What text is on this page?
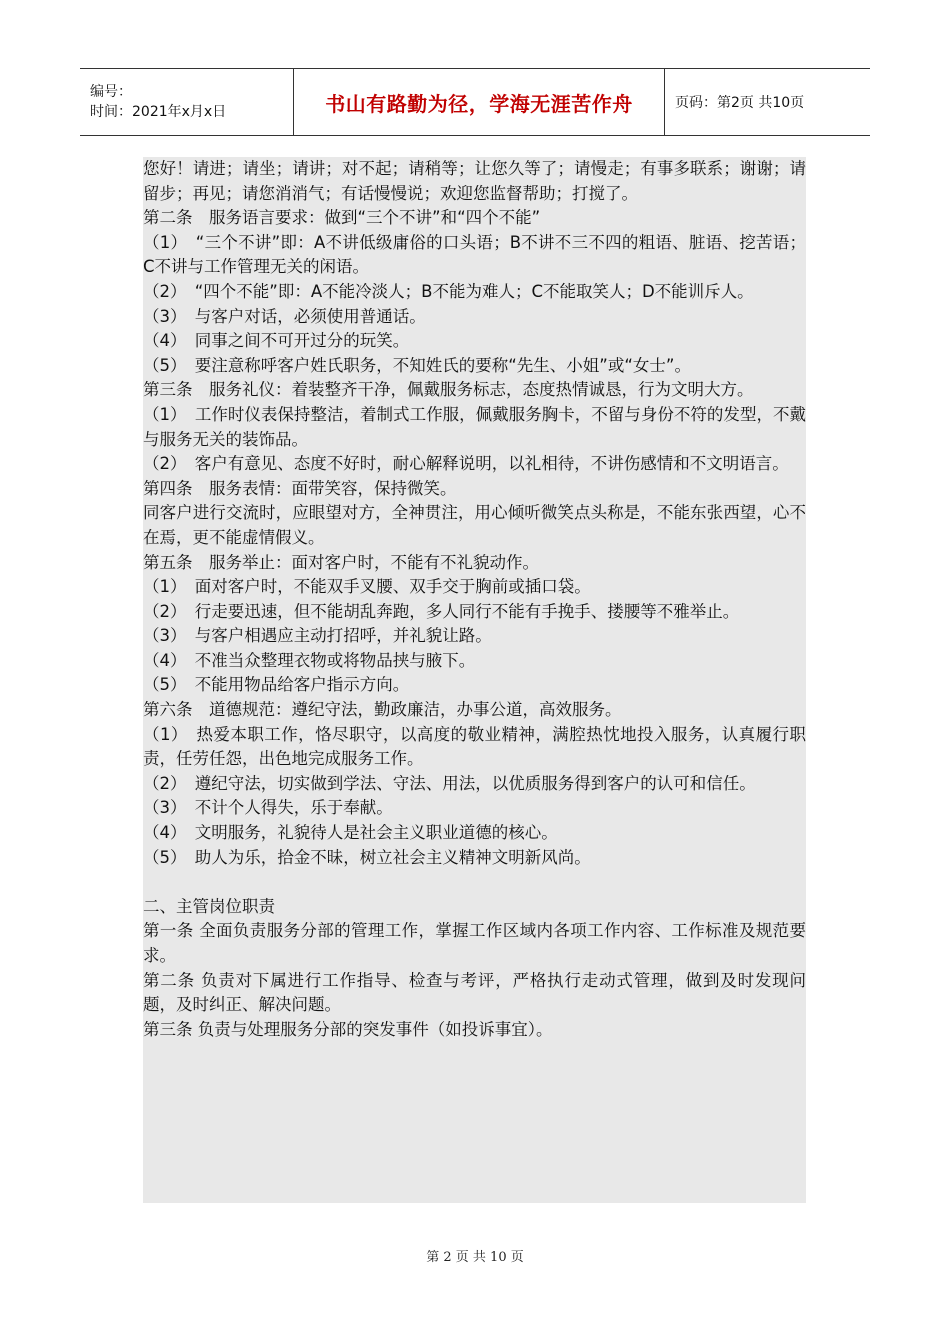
编号：
时间：2021年x月x日	书山有路勤为径，学海无涯苦作舟	页码：第2页 共10页

您好！请进；请坐；请讲；对不起；请稍等；让您久等了；请慢走；有事多联系；谢谢；请留步；再见；请您消消气；有话慢慢说；欢迎您监督帮助；打搅了。

第二条　服务语言要求：做到“三个不讲”和“四个不能”

（1）　“三个不讲”即：A不讲低级庸俗的口头语；B不讲不三不四的粗语、脏语、挖苦语；C不讲与工作管理无关的闲语。

（2）　“四个不能”即：A不能冷淡人；B不能为难人；C不能取笑人；D不能训斥人。

（3）　与客户对话，必须使用普通话。

（4）　同事之间不可开过分的玩笑。

（5）　要注意称呼客户姓氏职务，不知姓氏的要称“先生、小姐”或“女士”。

第三条　服务礼仪：着装整齐干净，佩戴服务标志，态度热情诚恳，行为文明大方。

（1）　工作时仪表保持整洁，着制式工作服，佩戴服务胸卡，不留与身份不符的发型，不戴与服务无关的装饰品。

（2）　客户有意见、态度不好时，耐心解释说明，以礼相待，不讲伤感情和不文明语言。

第四条　服务表情：面带笑容，保持微笑。

同客户进行交流时，应眼望对方，全神贯注，用心倾听微笑点头称是，不能东张西望，心不在焉，更不能虚情假义。

第五条　服务举止：面对客户时，不能有不礼貌动作。

（1）　面对客户时，不能双手叉腰、双手交于胸前或插口袋。

（2）　行走要迅速，但不能胡乱奔跑，多人同行不能有手挽手、搂腰等不雅举止。

（3）　与客户相遇应主动打招呼，并礼貌让路。

（4）　不准当众整理衣物或将物品挟与腋下。

（5）　不能用物品给客户指示方向。

第六条　道德规范：遵纪守法，勤政廉洁，办事公道，高效服务。

（1）　热爱本职工作，恪尽职守，以高度的敬业精神，满腔热忱地投入服务，认真履行职责，任劳任怨，出色地完成服务工作。

（2）　遵纪守法，切实做到学法、守法、用法，以优质服务得到客户的认可和信任。

（3）　不计个人得失，乐于奉献。

（4）　文明服务，礼貌待人是社会主义职业道德的核心。

（5）　助人为乐，拾金不昧，树立社会主义精神文明新风尚。

二、主管岗位职责

第一条 全面负责服务分部的管理工作，掌握工作区域内各项工作内容、工作标准及规范要求。

第二条 负责对下属进行工作指导、检查与考评，严格执行走动式管理，做到及时发现问题，及时纠正、解决问题。

第三条 负责与处理服务分部的突发事件（如投诉事宜）。

第 2 页 共 10 页
